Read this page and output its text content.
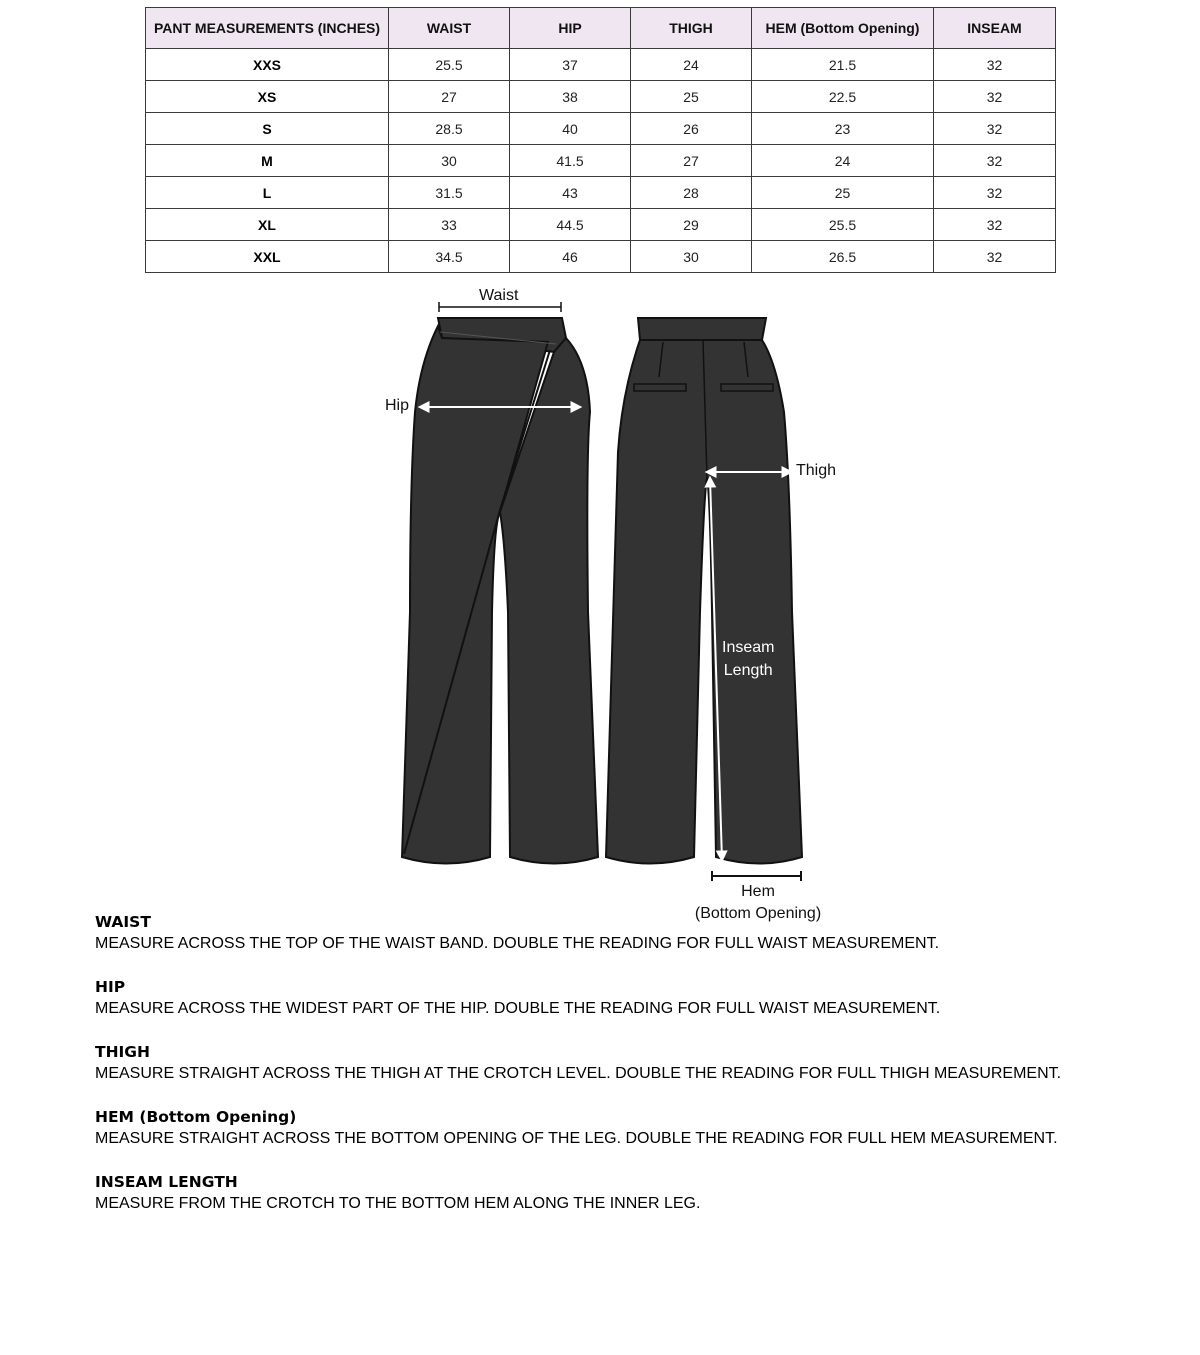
PANT MEASUREMENTS (INCHES)	WAIST	HIP	THIGH	HEM (Bottom Opening)	INSEAM
XXS	25.5	37	24	21.5	32
XS	27	38	25	22.5	32
S	28.5	40	26	23	32
M	30	41.5	27	24	32
L	31.5	43	28	25	32
XL	33	44.5	29	25.5	32
XXL	34.5	46	30	26.5	32
Waist
Hip
Thigh
Inseam
Length
Hem
(Bottom Opening)
WAIST
MEASURE ACROSS THE TOP OF THE WAIST BAND. DOUBLE THE READING FOR FULL WAIST MEASUREMENT.
HIP
MEASURE ACROSS THE WIDEST PART OF THE HIP. DOUBLE THE READING FOR FULL WAIST MEASUREMENT.
THIGH
MEASURE STRAIGHT ACROSS THE THIGH AT THE CROTCH LEVEL. DOUBLE THE READING FOR FULL THIGH MEASUREMENT.
HEM (Bottom Opening)
MEASURE STRAIGHT ACROSS THE BOTTOM OPENING OF THE LEG. DOUBLE THE READING FOR FULL HEM MEASUREMENT.
INSEAM LENGTH
MEASURE FROM THE CROTCH TO THE BOTTOM HEM ALONG THE INNER LEG.
